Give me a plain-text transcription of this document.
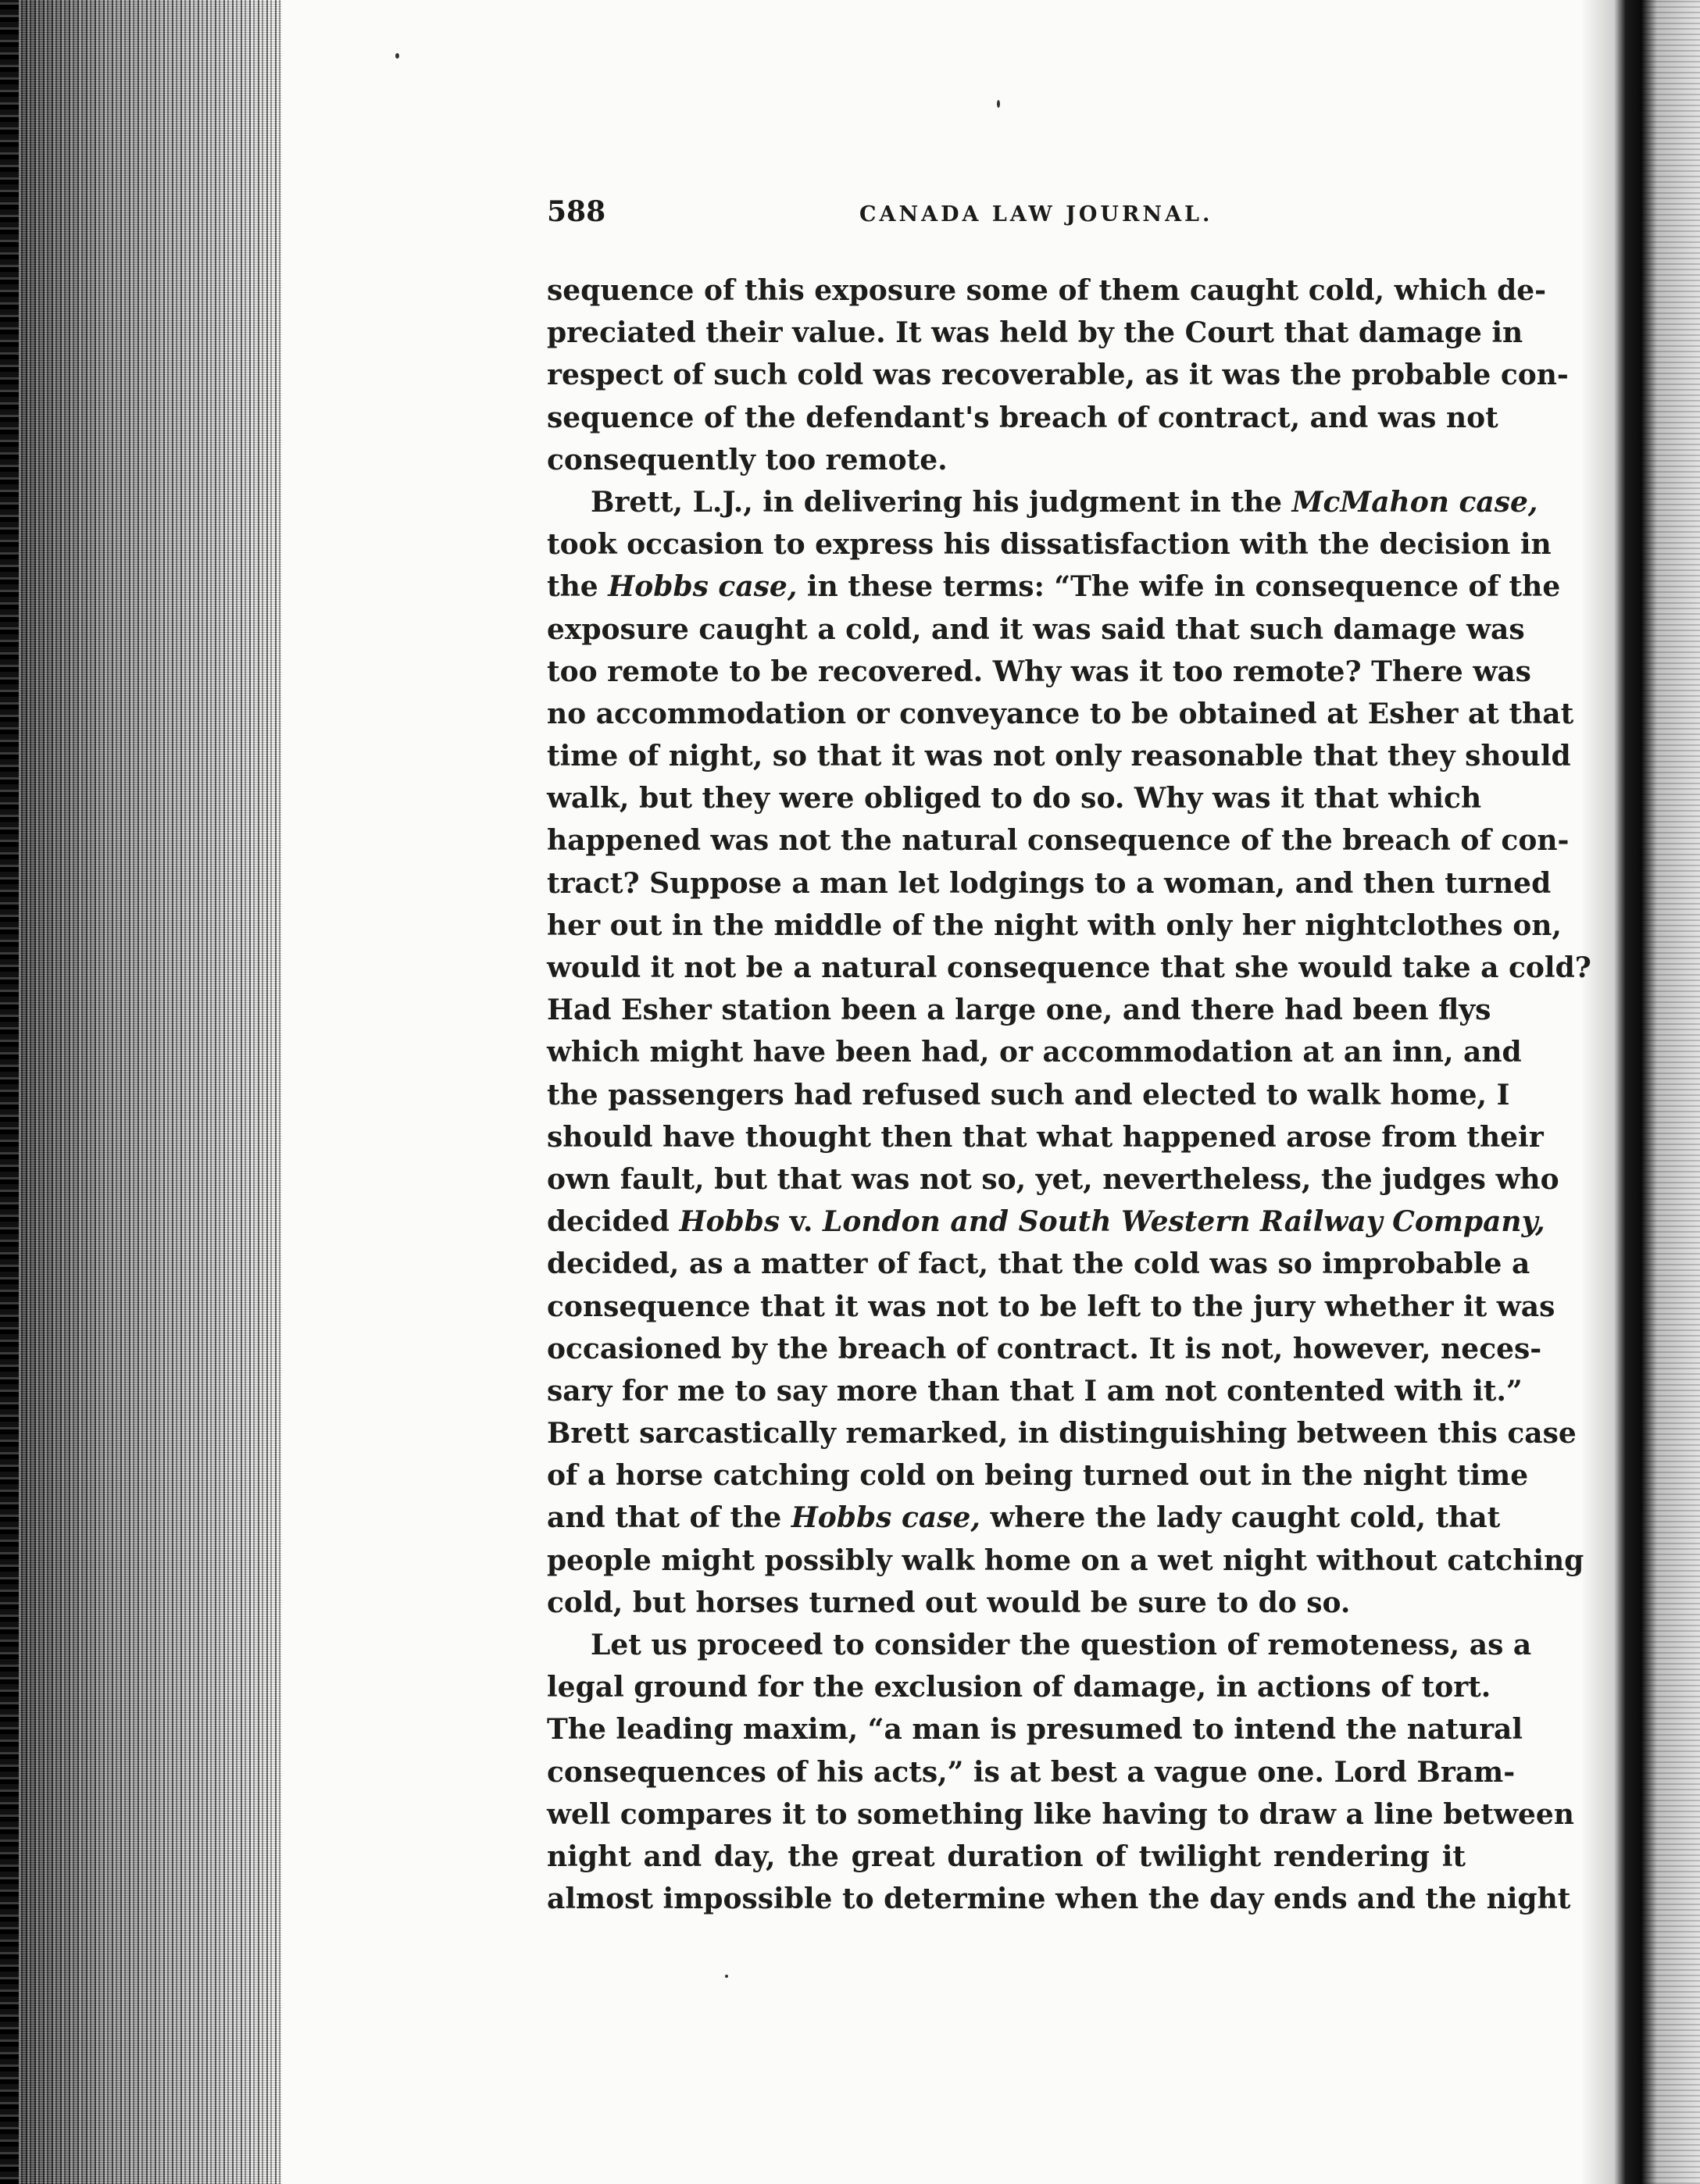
588	CANADA LAW JOURNAL.
sequence of this exposure some of them caught cold, which de-
preciated their value. It was held by the Court that damage in
respect of such cold was recoverable, as it was the probable con-
sequence of the defendant's breach of contract, and was not
consequently too remote.
Brett, L.J., in delivering his judgment in the McMahon case,
took occasion to express his dissatisfaction with the decision in
the Hobbs case, in these terms: “The wife in consequence of the
exposure caught a cold, and it was said that such damage was
too remote to be recovered. Why was it too remote? There was
no accommodation or conveyance to be obtained at Esher at that
time of night, so that it was not only reasonable that they should
walk, but they were obliged to do so. Why was it that which
happened was not the natural consequence of the breach of con-
tract? Suppose a man let lodgings to a woman, and then turned
her out in the middle of the night with only her nightclothes on,
would it not be a natural consequence that she would take a cold?
Had Esher station been a large one, and there had been flys
which might have been had, or accommodation at an inn, and
the passengers had refused such and elected to walk home, I
should have thought then that what happened arose from their
own fault, but that was not so, yet, nevertheless, the judges who
decided Hobbs v. London and South Western Railway Company,
decided, as a matter of fact, that the cold was so improbable a
consequence that it was not to be left to the jury whether it was
occasioned by the breach of contract. It is not, however, neces-
sary for me to say more than that I am not contented with it.”
Brett sarcastically remarked, in distinguishing between this case
of a horse catching cold on being turned out in the night time
and that of the Hobbs case, where the lady caught cold, that
people might possibly walk home on a wet night without catching
cold, but horses turned out would be sure to do so.
Let us proceed to consider the question of remoteness, as a
legal ground for the exclusion of damage, in actions of tort.
The leading maxim, “a man is presumed to intend the natural
consequences of his acts,” is at best a vague one. Lord Bram-
well compares it to something like having to draw a line between
night and day, the great duration of twilight rendering it
almost impossible to determine when the day ends and the night
